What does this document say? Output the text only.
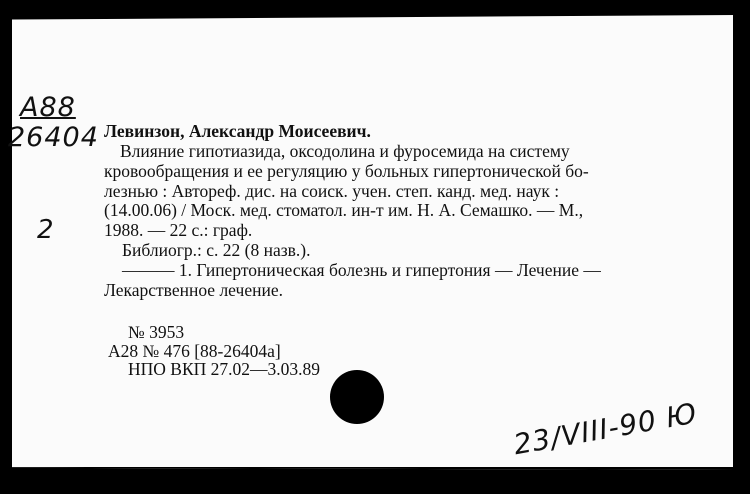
A88
26404
2
Левинзон, Александр Моисеевич.
Влияние гипотиазида, оксодолина и фуросемида на систему
кровообращения и ее регуляцию у больных гипертонической бо-
лезнью : Автореф. дис. на соиск. учен. степ. канд. мед. наук :
(14.00.06) / Моск. мед. стоматол. ин-т им. Н. А. Семашко. — М.,
1988. — 22 с.: граф.
Библиогр.: с. 22 (8 назв.).
——— 1. Гипертоническая болезнь и гипертония — Лечение —
Лекарственное лечение.
№ 3953
А28 № 476 [88-26404а]
НПО ВКП 27.02—3.03.89
23/VIII-90 Ю
